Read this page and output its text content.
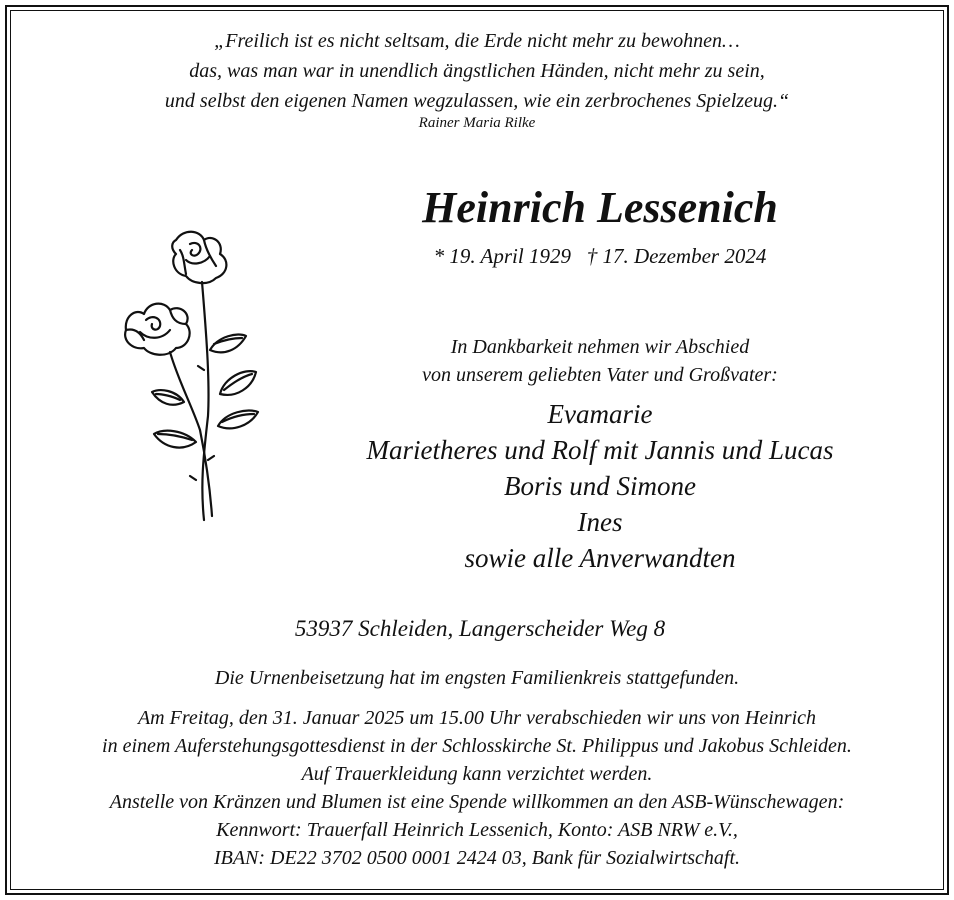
„Freilich ist es nicht seltsam, die Erde nicht mehr zu bewohnen…
das, was man war in unendlich ängstlichen Händen, nicht mehr zu sein,
und selbst den eigenen Namen wegzulassen, wie ein zerbrochenes Spielzeug.“
Rainer Maria Rilke
Heinrich Lessenich
* 19. April 1929   † 17. Dezember 2024
In Dankbarkeit nehmen wir Abschied
von unserem geliebten Vater und Großvater:
Evamarie
Marietheres und Rolf mit Jannis und Lucas
Boris und Simone
Ines
sowie alle Anverwandten
53937 Schleiden, Langerscheider Weg 8
Die Urnenbeisetzung hat im engsten Familienkreis stattgefunden.
Am Freitag, den 31. Januar 2025 um 15.00 Uhr verabschieden wir uns von Heinrich
in einem Auferstehungsgottesdienst in der Schlosskirche St. Philippus und Jakobus Schleiden.
Auf Trauerkleidung kann verzichtet werden.
Anstelle von Kränzen und Blumen ist eine Spende willkommen an den ASB-Wünschewagen:
Kennwort: Trauerfall Heinrich Lessenich, Konto: ASB NRW e.V.,
IBAN: DE22 3702 0500 0001 2424 03, Bank für Sozialwirtschaft.
